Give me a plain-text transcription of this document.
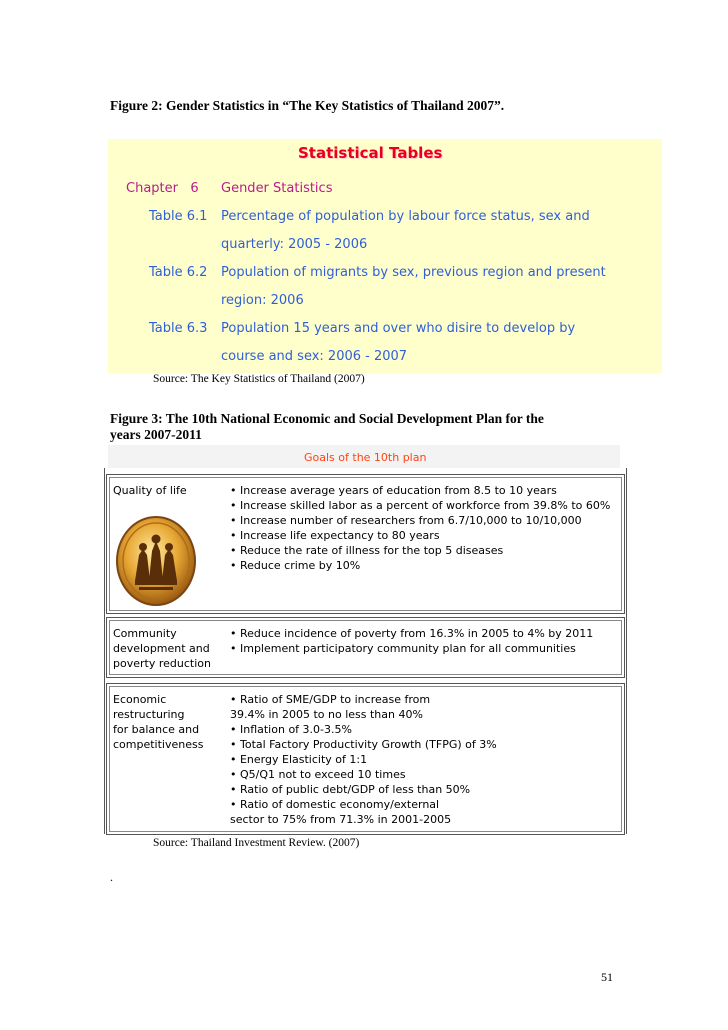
Figure 2: Gender Statistics in “The Key Statistics of Thailand 2007”.
Statistical Tables
Chapter   6 Gender Statistics
Table 6.1 Percentage of population by labour force status, sex and
quarterly: 2005 - 2006
Table 6.2 Population of migrants by sex, previous region and present
region: 2006
Table 6.3 Population 15 years and over who disire to develop by
course and sex: 2006 - 2007
Source: The Key Statistics of Thailand (2007)
Figure 3: The 10th National Economic and Social Development Plan for the
years 2007-2011
Goals of the 10th plan
Quality of life	• Increase average years of education from 8.5 to 10 years
• Increase skilled labor as a percent of workforce from 39.8% to 60%
• Increase number of researchers from 6.7/10,000 to 10/10,000
• Increase life expectancy to 80 years
• Reduce the rate of illness for the top 5 diseases
• Reduce crime by 10%
Community
development and
poverty reduction
• Reduce incidence of poverty from 16.3% in 2005 to 4% by 2011
• Implement participatory community plan for all communities
Economic
restructuring
for balance and
competitiveness
• Ratio of SME/GDP to increase from
39.4% in 2005 to no less than 40%
• Inflation of 3.0-3.5%
• Total Factory Productivity Growth (TFPG) of 3%
• Energy Elasticity of 1:1
• Q5/Q1 not to exceed 10 times
• Ratio of public debt/GDP of less than 50%
• Ratio of domestic economy/external
sector to 75% from 71.3% in 2001-2005
Source: Thailand Investment Review. (2007)
.
51
